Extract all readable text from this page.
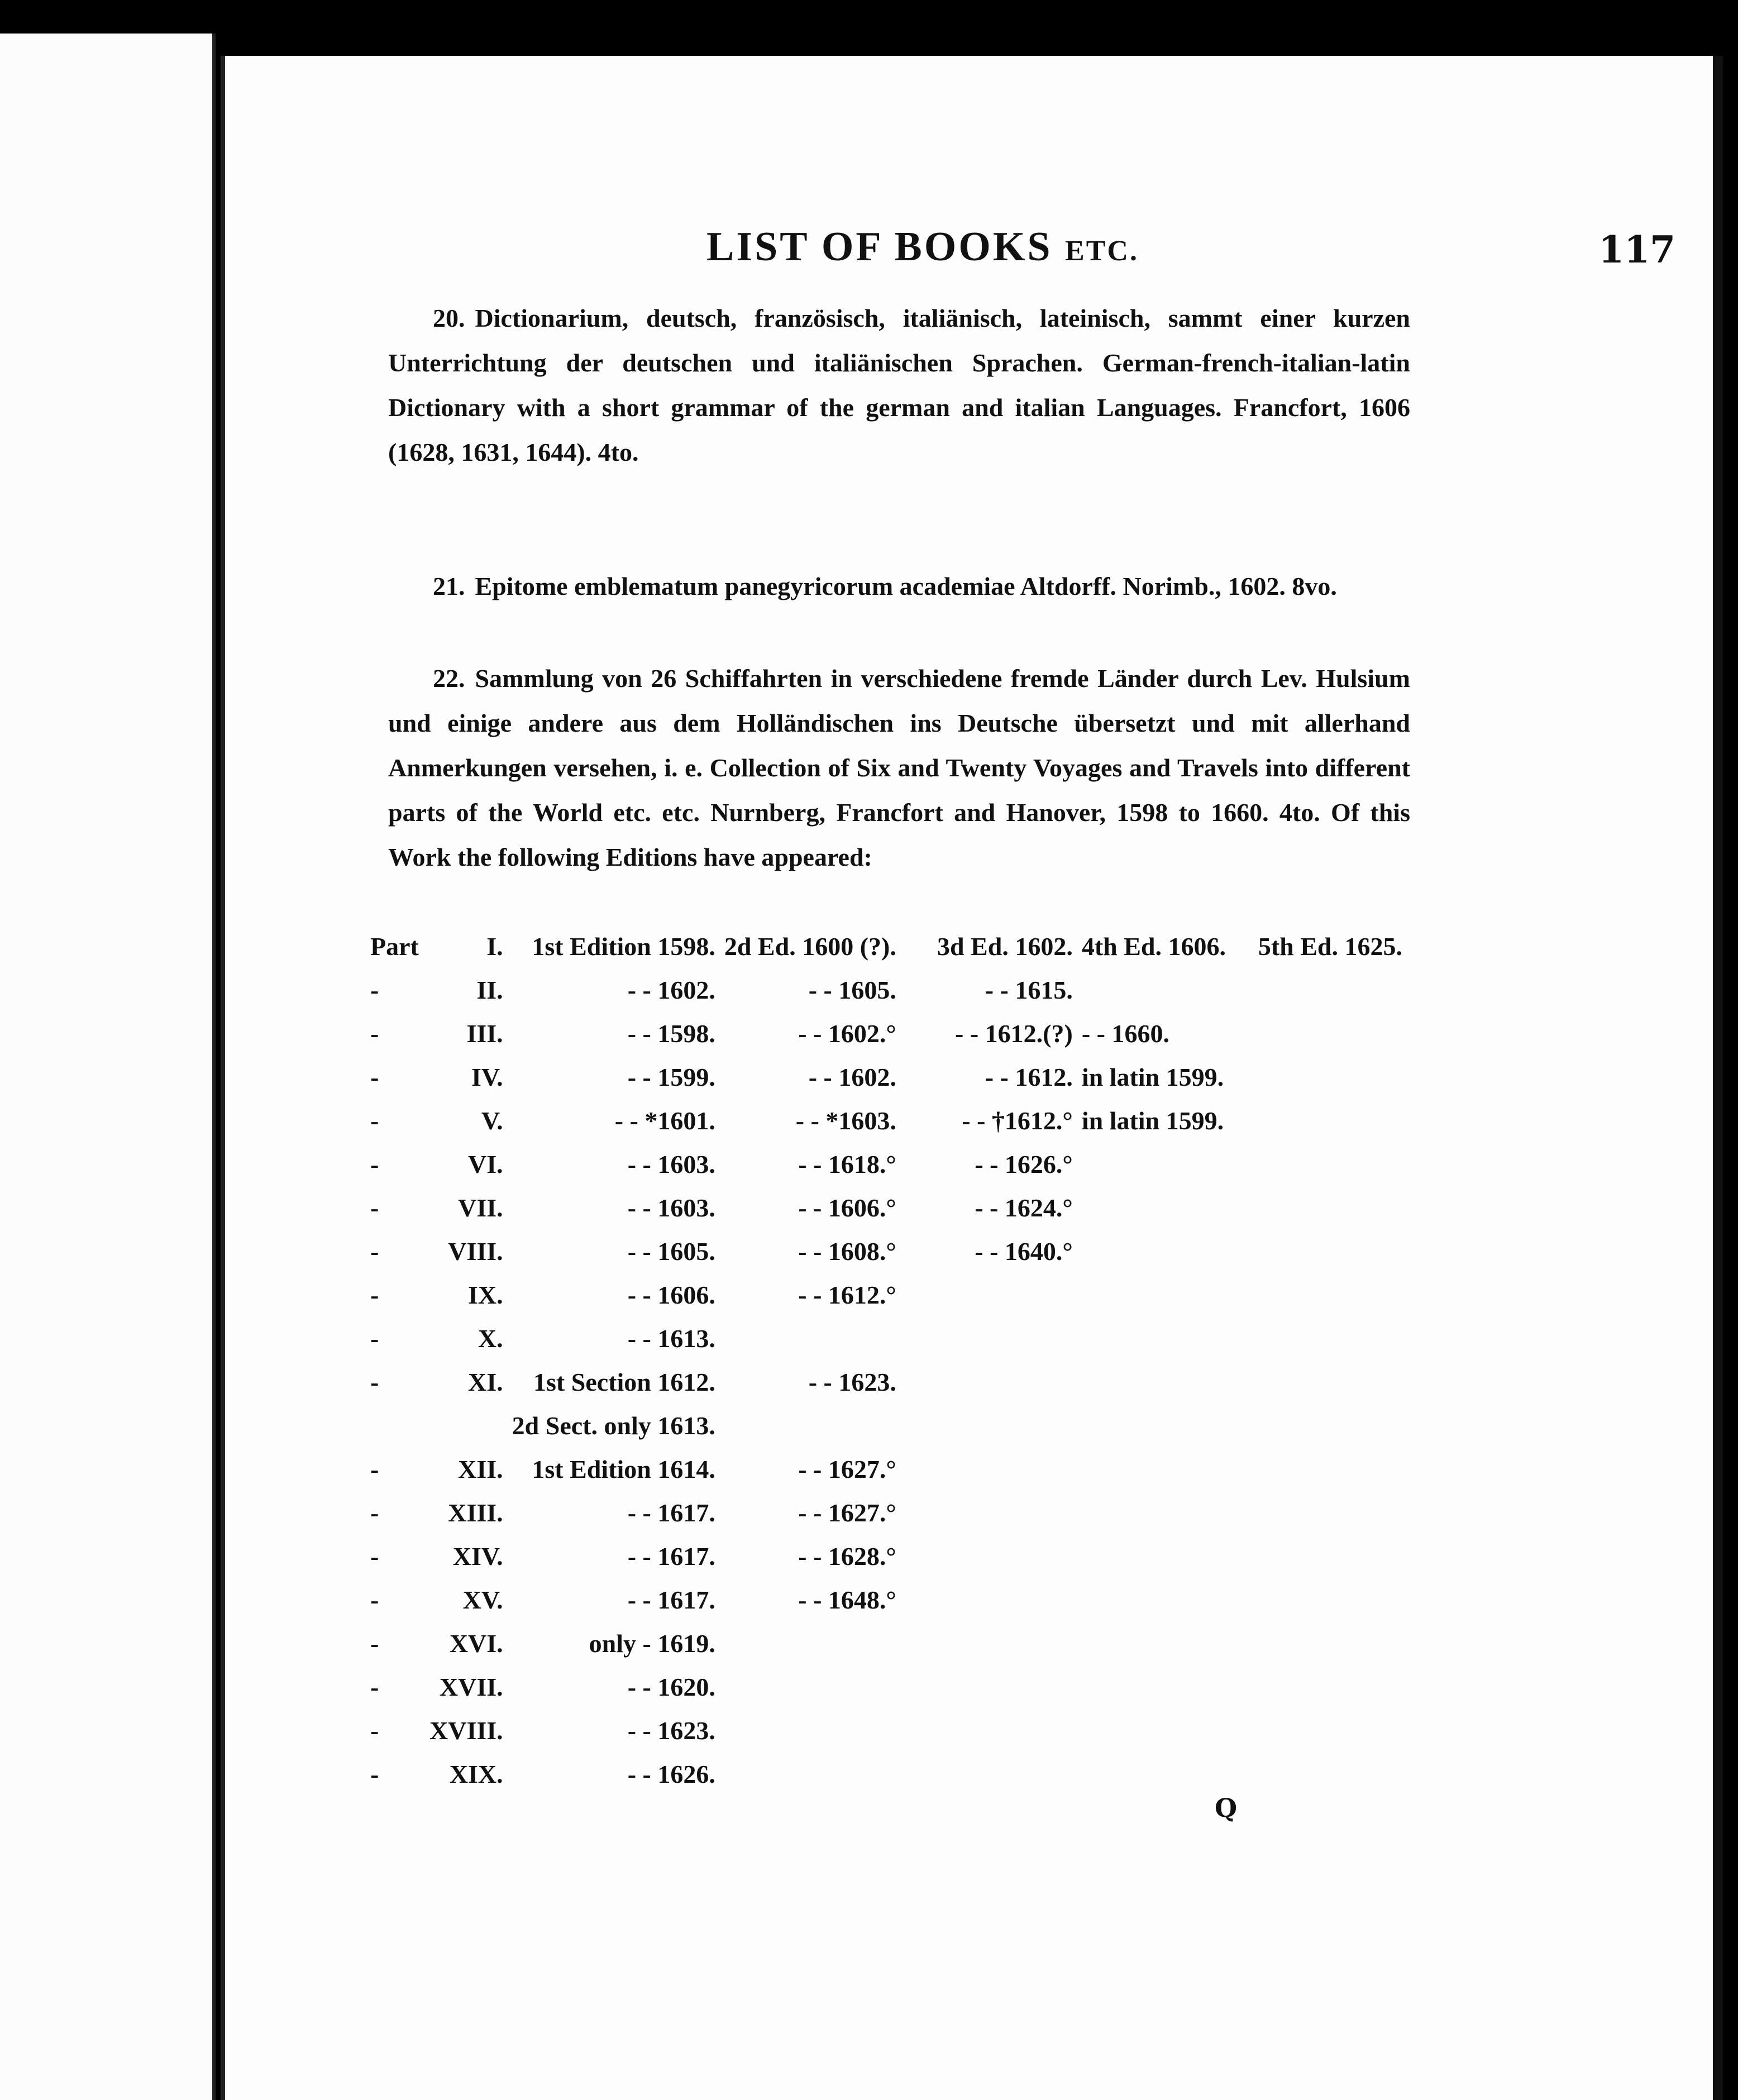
LIST OF BOOKS ETC.	117
20. Dictionarium, deutsch, französisch, italiänisch, lateinisch, sammt einer kurzen Unterrichtung der deutschen und italiänischen Sprachen. German-french-italian-latin Dictionary with a short grammar of the german and italian Languages. Francfort, 1606 (1628, 1631, 1644). 4to.
21. Epitome emblematum panegyricorum academiae Altdorff. Norimb., 1602. 8vo.
22. Sammlung von 26 Schiffahrten in verschiedene fremde Länder durch Lev. Hulsium und einige andere aus dem Holländischen ins Deutsche übersetzt und mit allerhand Anmerkungen versehen, i. e. Collection of Six and Twenty Voyages and Travels into different parts of the World etc. etc. Nurnberg, Francfort and Hanover, 1598 to 1660. 4to. Of this Work the following Editions have appeared:
Part	I.	1st Edition 1598.	2d Ed. 1600 (?).	3d Ed. 1602.	4th Ed. 1606.	5th Ed. 1625.
-	II.	- - 1602.	- - 1605.	- - 1615.		
-	III.	- - 1598.	- - 1602.°	- - 1612.(?)	- - 1660.	
-	IV.	- - 1599.	- - 1602.	- - 1612.	in latin 1599.	
-	V.	- - *1601.	- - *1603.	- - †1612.°	in latin 1599.	
-	VI.	- - 1603.	- - 1618.°	- - 1626.°		
-	VII.	- - 1603.	- - 1606.°	- - 1624.°		
-	VIII.	- - 1605.	- - 1608.°	- - 1640.°		
-	IX.	- - 1606.	- - 1612.°			
-	X.	- - 1613.				
-	XI.	1st Section 1612.	- - 1623.			
		2d Sect. only 1613.				
-	XII.	1st Edition 1614.	- - 1627.°			
-	XIII.	- - 1617.	- - 1627.°			
-	XIV.	- - 1617.	- - 1628.°			
-	XV.	- - 1617.	- - 1648.°			
-	XVI.	only - 1619.				
-	XVII.	- - 1620.				
-	XVIII.	- - 1623.				
-	XIX.	- - 1626.				
Q
